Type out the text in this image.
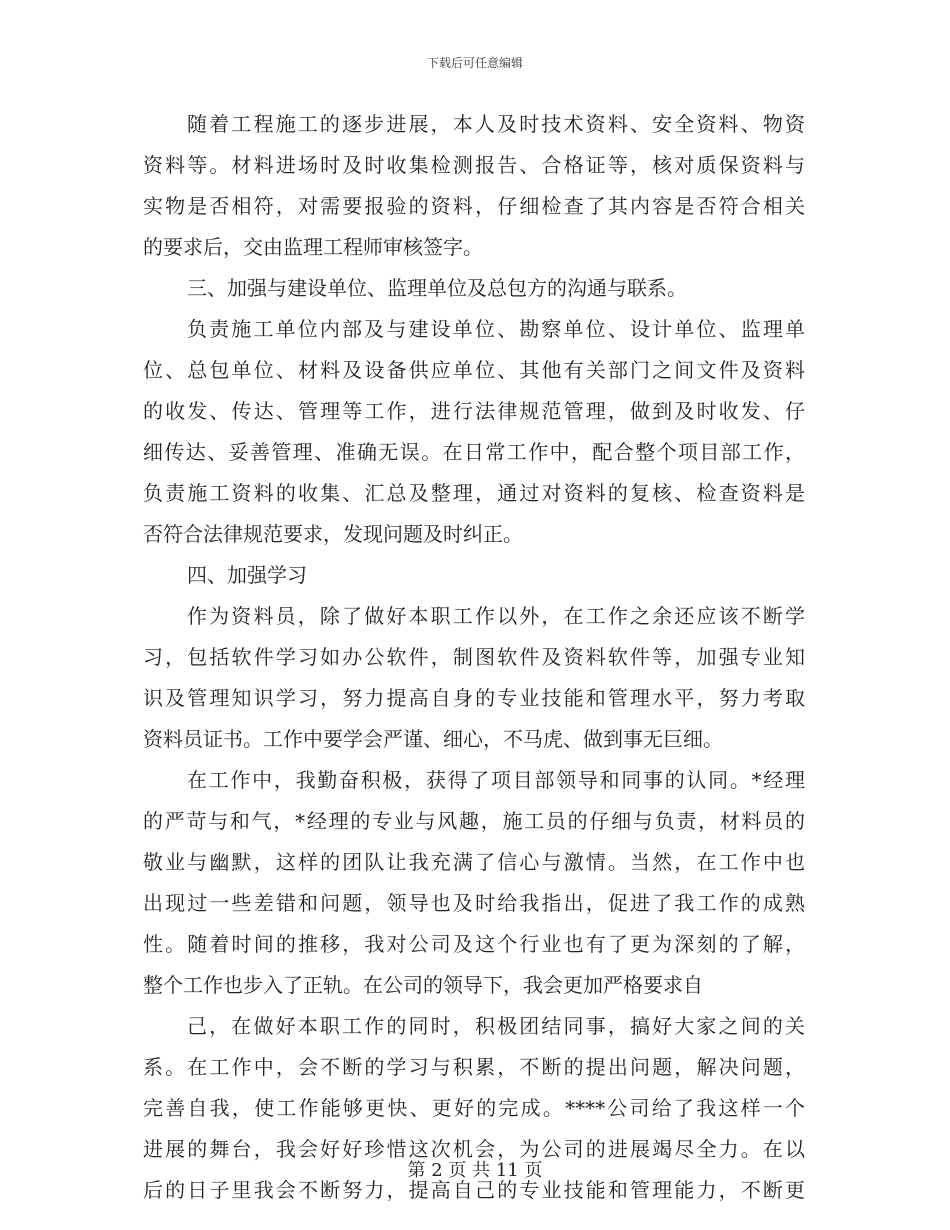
下载后可任意编辑
随着工程施工的逐步进展，本人及时技术资料、安全资料、物资
资料等。材料进场时及时收集检测报告、合格证等，核对质保资料与
实物是否相符，对需要报验的资料，仔细检查了其内容是否符合相关
的要求后，交由监理工程师审核签字。
三、加强与建设单位、监理单位及总包方的沟通与联系。
负责施工单位内部及与建设单位、勘察单位、设计单位、监理单
位、总包单位、材料及设备供应单位、其他有关部门之间文件及资料
的收发、传达、管理等工作，进行法律规范管理，做到及时收发、仔
细传达、妥善管理、准确无误。在日常工作中，配合整个项目部工作，
负责施工资料的收集、汇总及整理，通过对资料的复核、检查资料是
否符合法律规范要求，发现问题及时纠正。
四、加强学习
作为资料员，除了做好本职工作以外，在工作之余还应该不断学
习，包括软件学习如办公软件，制图软件及资料软件等，加强专业知
识及管理知识学习，努力提高自身的专业技能和管理水平，努力考取
资料员证书。工作中要学会严谨、细心，不马虎、做到事无巨细。
在工作中，我勤奋积极，获得了项目部领导和同事的认同。*经理
的严苛与和气，*经理的专业与风趣，施工员的仔细与负责，材料员的
敬业与幽默，这样的团队让我充满了信心与激情。当然，在工作中也
出现过一些差错和问题，领导也及时给我指出，促进了我工作的成熟
性。随着时间的推移，我对公司及这个行业也有了更为深刻的了解，
整个工作也步入了正轨。在公司的领导下，我会更加严格要求自
己，在做好本职工作的同时，积极团结同事，搞好大家之间的关
系。在工作中，会不断的学习与积累，不断的提出问题，解决问题，
完善自我，使工作能够更快、更好的完成。****公司给了我这样一个
进展的舞台，我会好好珍惜这次机会，为公司的进展竭尽全力。在以
后的日子里我会不断努力，提高自己的专业技能和管理能力，不断更
第 2 页 共 11 页
